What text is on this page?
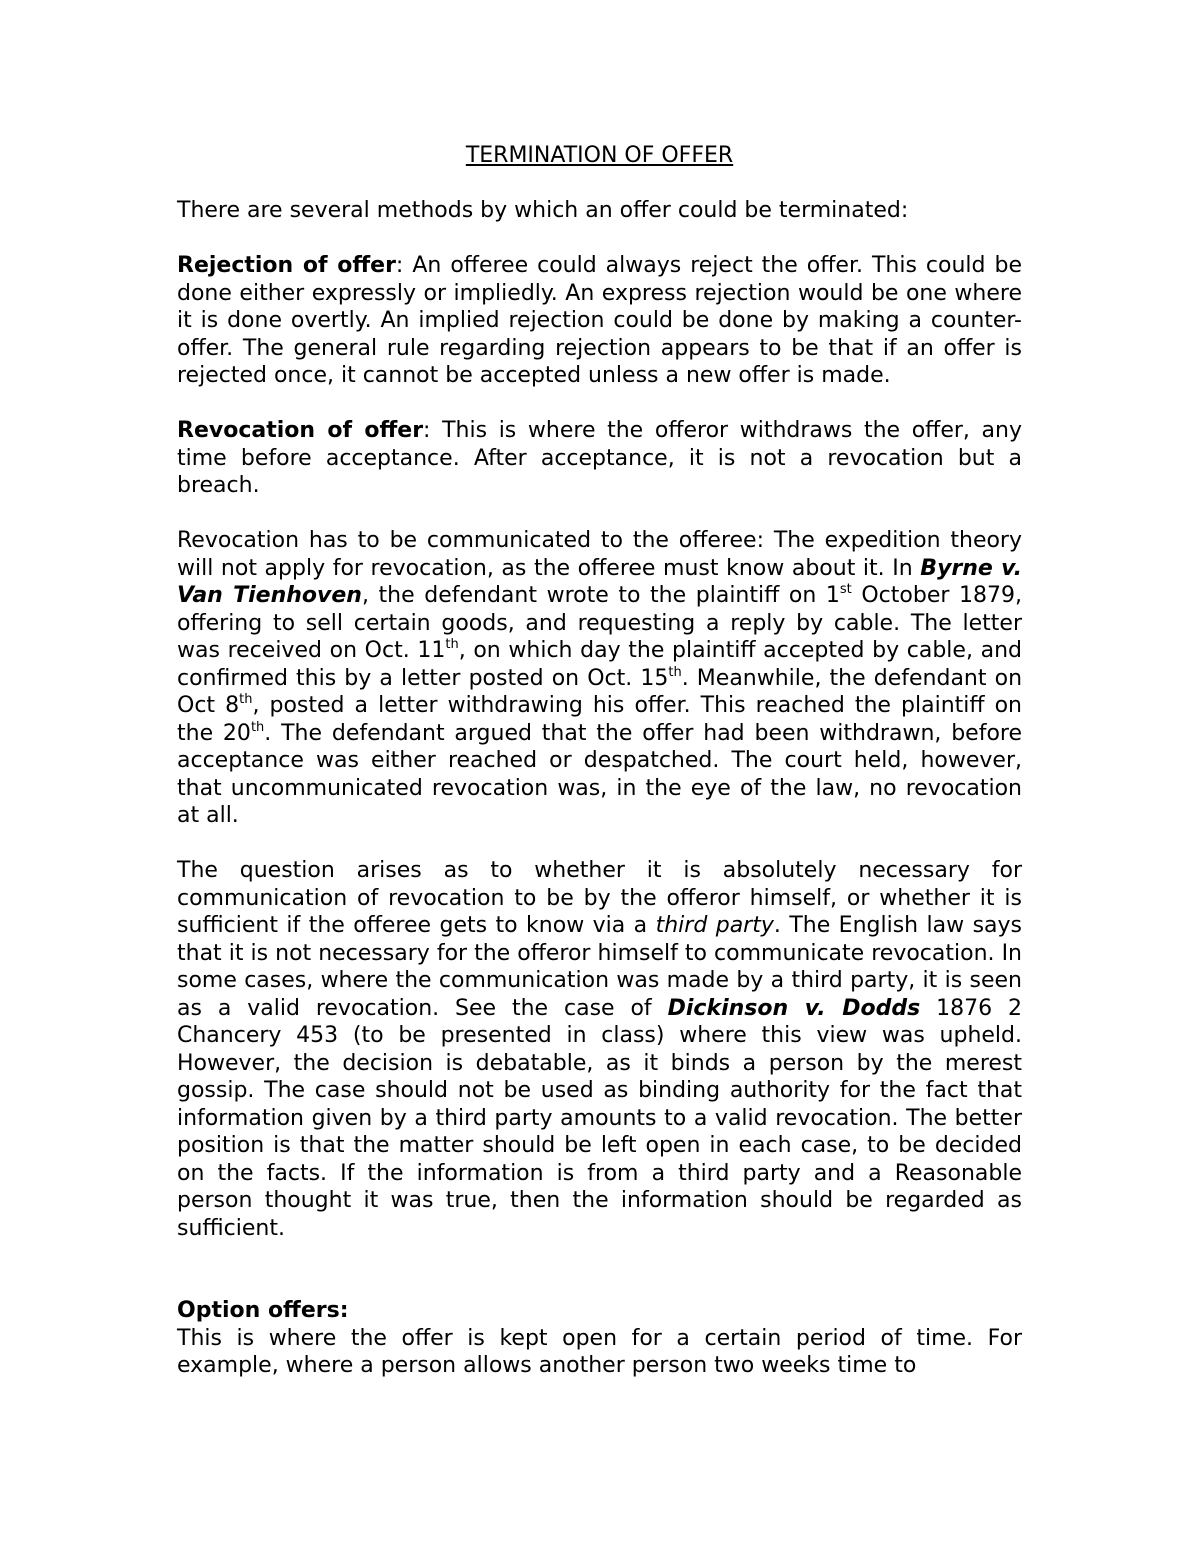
TERMINATION OF OFFER

There are several methods by which an offer could be terminated:

Rejection of offer: An offeree could always reject the offer. This could be done either expressly or impliedly. An express rejection would be one where it is done overtly. An implied rejection could be done by making a counter-offer. The general rule regarding rejection appears to be that if an offer is rejected once, it cannot be accepted unless a new offer is made.

Revocation of offer: This is where the offeror withdraws the offer, any time before acceptance. After acceptance, it is not a revocation but a breach.

Revocation has to be communicated to the offeree: The expedition theory will not apply for revocation, as the offeree must know about it. In Byrne v. Van Tienhoven, the defendant wrote to the plaintiff on 1st October 1879, offering to sell certain goods, and requesting a reply by cable. The letter was received on Oct. 11th, on which day the plaintiff accepted by cable, and confirmed this by a letter posted on Oct. 15th. Meanwhile, the defendant on Oct 8th, posted a letter withdrawing his offer. This reached the plaintiff on the 20th. The defendant argued that the offer had been withdrawn, before acceptance was either reached or despatched. The court held, however, that uncommunicated revocation was, in the eye of the law, no revocation at all.

The question arises as to whether it is absolutely necessary for communication of revocation to be by the offeror himself, or whether it is sufficient if the offeree gets to know via a third party. The English law says that it is not necessary for the offeror himself to communicate revocation. In some cases, where the communication was made by a third party, it is seen as a valid revocation. See the case of Dickinson v. Dodds 1876 2 Chancery 453 (to be presented in class) where this view was upheld. However, the decision is debatable, as it binds a person by the merest gossip. The case should not be used as binding authority for the fact that information given by a third party amounts to a valid revocation. The better position is that the matter should be left open in each case, to be decided on the facts. If the information is from a third party and a Reasonable person thought it was true, then the information should be regarded as sufficient.

Option offers:

This is where the offer is kept open for a certain period of time. For example, where a person allows another person two weeks time to
